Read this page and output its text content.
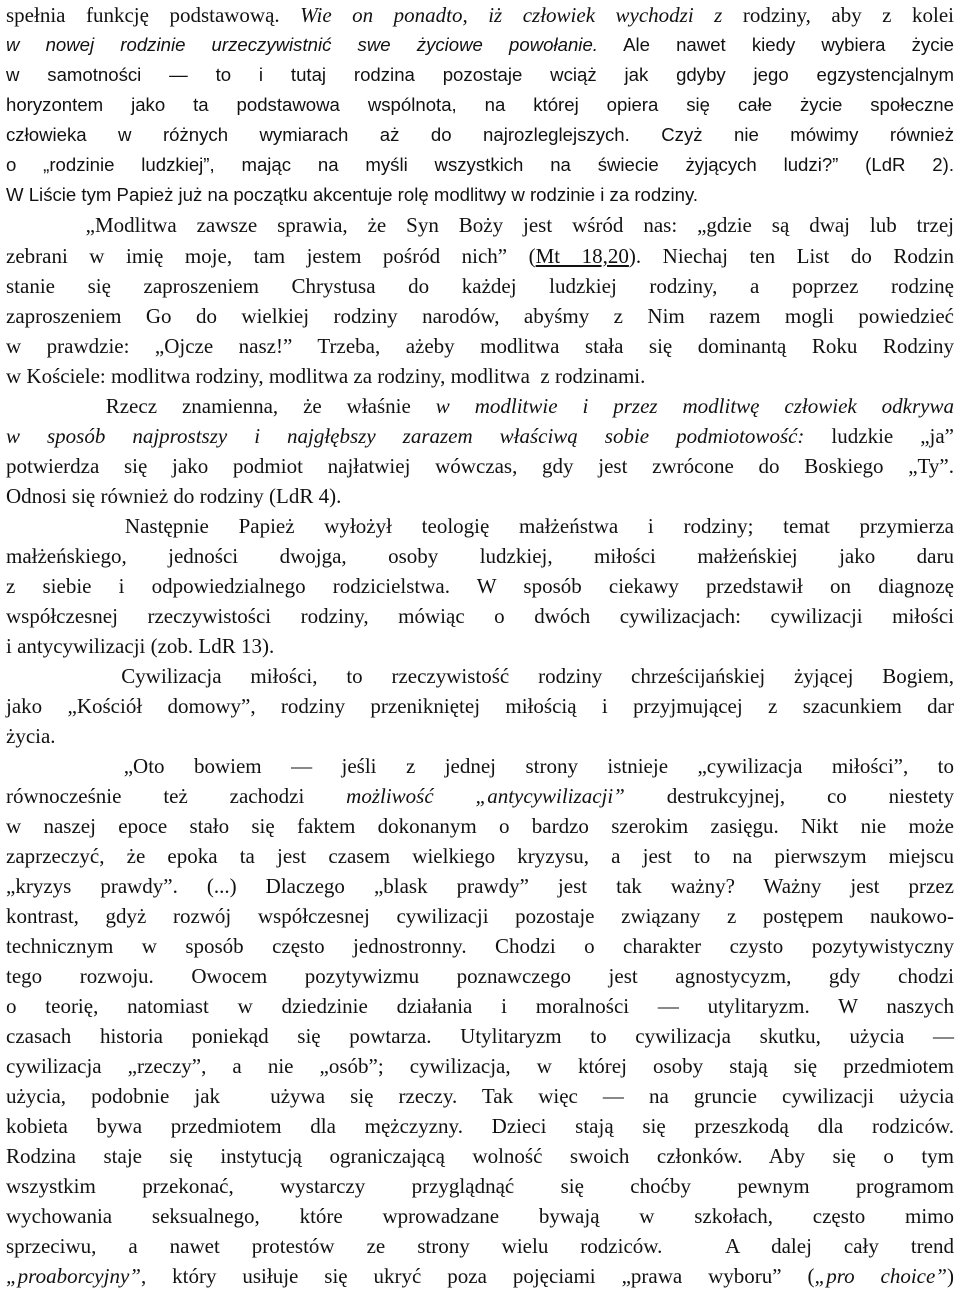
spełnia funkcję podstawową. Wie on ponadto, iż człowiek wychodzi z rodziny, aby z kolei
w nowej rodzinie urzeczywistnić swe życiowe powołanie. Ale nawet kiedy wybiera życie
w samotności — to i tutaj rodzina pozostaje wciąż jak gdyby jego egzystencjalnym
horyzontem jako ta podstawowa wspólnota, na której opiera się całe życie społeczne
człowieka w różnych wymiarach aż do najrozleglejszych. Czyż nie mówimy również
o „rodzinie ludzkiej”, mając na myśli wszystkich na świecie żyjących ludzi?” (LdR 2).
W Liście tym Papież już na początku akcentuje rolę modlitwy w rodzinie i za rodziny.
„Modlitwa zawsze sprawia, że Syn Boży jest wśród nas: „gdzie są dwaj lub trzej
zebrani w imię moje, tam jestem pośród nich” (Mt 18,20). Niechaj ten List do Rodzin
stanie się zaproszeniem Chrystusa do każdej ludzkiej rodziny, a poprzez rodzinę
zaproszeniem Go do wielkiej rodziny narodów, abyśmy z Nim razem mogli powiedzieć
w prawdzie: „Ojcze nasz!” Trzeba, ażeby modlitwa stała się dominantą Roku Rodziny
w Kościele: modlitwa rodziny, modlitwa za rodziny, modlitwa  z rodzinami.
Rzecz znamienna, że właśnie w modlitwie i przez modlitwę człowiek odkrywa
w sposób najprostszy i najgłębszy zarazem właściwą sobie podmiotowość: ludzkie „ja”
potwierdza się jako podmiot najłatwiej wówczas, gdy jest zwrócone do Boskiego „Ty”.
Odnosi się również do rodziny (LdR 4).
Następnie Papież wyłożył teologię małżeństwa i rodziny; temat przymierza
małżeńskiego, jedności dwojga, osoby ludzkiej, miłości małżeńskiej jako daru
z siebie i odpowiedzialnego rodzicielstwa. W sposób ciekawy przedstawił on diagnozę
współczesnej rzeczywistości rodziny, mówiąc o dwóch cywilizacjach: cywilizacji miłości
i antycywilizacji (zob. LdR 13).
Cywilizacja miłości, to rzeczywistość rodziny chrześcijańskiej żyjącej Bogiem,
jako „Kościół domowy”, rodziny przenikniętej miłością i przyjmującej z szacunkiem dar
życia.
„Oto bowiem — jeśli z jednej strony istnieje „cywilizacja miłości”, to
równocześnie też zachodzi możliwość „antycywilizacji” destrukcyjnej, co niestety
w naszej epoce stało się faktem dokonanym o bardzo szerokim zasięgu. Nikt nie może
zaprzeczyć, że epoka ta jest czasem wielkiego kryzysu, a jest to na pierwszym miejscu
„kryzys prawdy”. (...) Dlaczego „blask prawdy” jest tak ważny? Ważny jest przez
kontrast, gdyż rozwój współczesnej cywilizacji pozostaje związany z postępem naukowo-
technicznym w sposób często jednostronny. Chodzi o charakter czysto pozytywistyczny
tego rozwoju. Owocem pozytywizmu poznawczego jest agnostycyzm, gdy chodzi
o teorię, natomiast w dziedzinie działania i moralności — utylitaryzm. W naszych
czasach historia poniekąd się powtarza. Utylitaryzm to cywilizacja skutku, użycia —
cywilizacja „rzeczy”, a nie „osób”; cywilizacja, w której osoby stają się przedmiotem
użycia, podobnie jak  używa się rzeczy. Tak więc — na gruncie cywilizacji użycia
kobieta bywa przedmiotem dla mężczyzny. Dzieci stają się przeszkodą dla rodziców.
Rodzina staje się instytucją ograniczającą wolność swoich członków. Aby się o tym
wszystkim przekonać, wystarczy przyglądnąć się choćby pewnym programom
wychowania seksualnego, które wprowadzane bywają w szkołach, często mimo
sprzeciwu, a nawet protestów ze strony wielu rodziców.  A dalej cały trend
„proaborcyjny”, który usiłuje się ukryć poza pojęciami „prawa wyboru” („pro choice”)
